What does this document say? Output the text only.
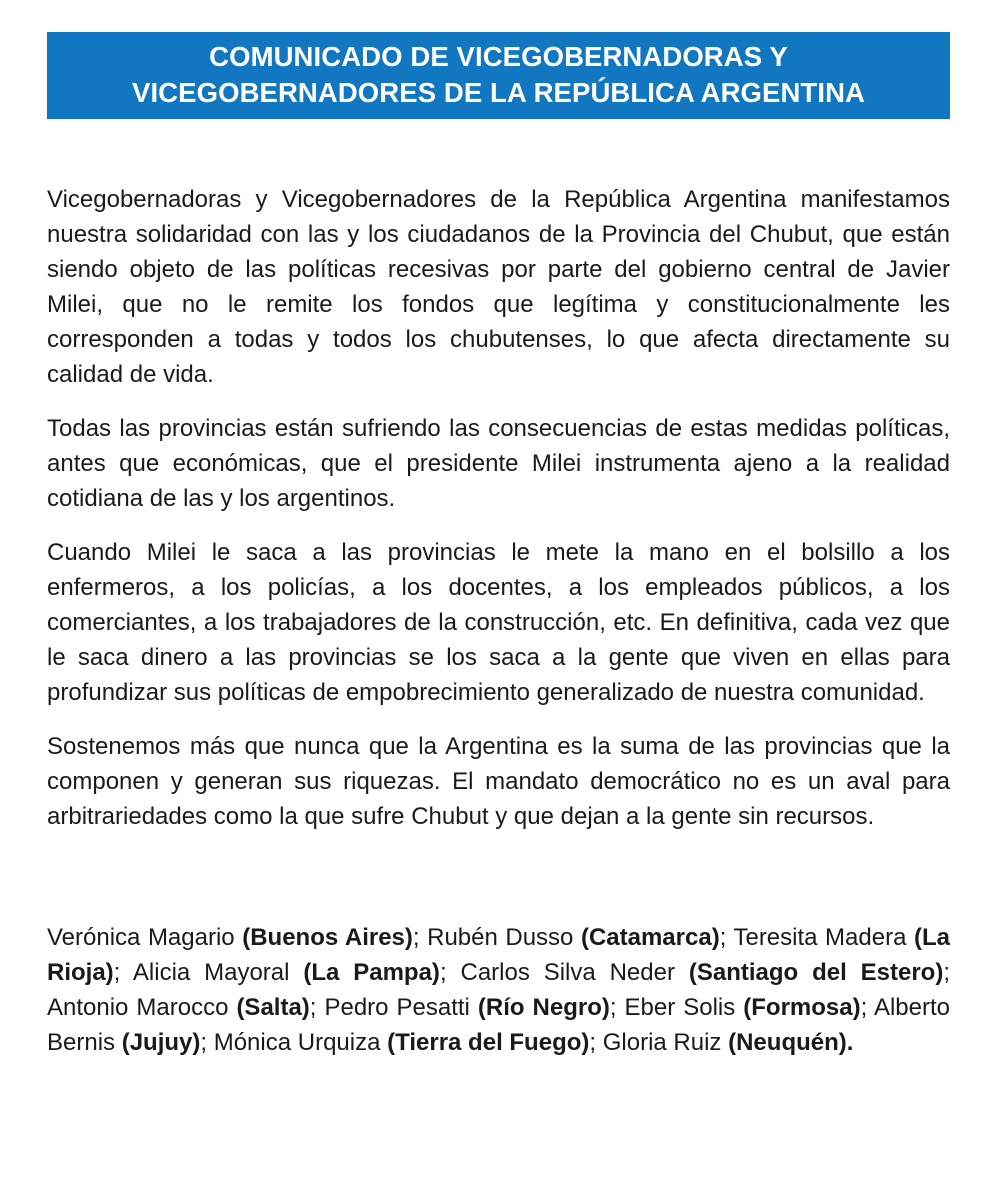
COMUNICADO DE VICEGOBERNADORAS Y
VICEGOBERNADORES DE LA REPÚBLICA ARGENTINA

Vicegobernadoras y Vicegobernadores de la República Argentina manifestamos nuestra solidaridad con las y los ciudadanos de la Provincia del Chubut, que están siendo objeto de las políticas recesivas por parte del gobierno central de Javier Milei, que no le remite los fondos que legítima y constitucionalmente les corresponden a todas y todos los chubutenses, lo que afecta directamente su calidad de vida.

Todas las provincias están sufriendo las consecuencias de estas medidas políticas, antes que económicas, que el presidente Milei instrumenta ajeno a la realidad cotidiana de las y los argentinos.

Cuando Milei le saca a las provincias le mete la mano en el bolsillo a los enfermeros, a los policías, a los docentes, a los empleados públicos, a los comerciantes, a los trabajadores de la construcción, etc. En definitiva, cada vez que le saca dinero a las provincias se los saca a la gente que viven en ellas para profundizar sus políticas de empobrecimiento generalizado de nuestra comunidad.

Sostenemos más que nunca que la Argentina es la suma de las provincias que la componen y generan sus riquezas. El mandato democrático no es un aval para arbitrariedades como la que sufre Chubut y que dejan a la gente sin recursos.

Verónica Magario (Buenos Aires); Rubén Dusso (Catamarca); Teresita Madera (La Rioja); Alicia Mayoral (La Pampa); Carlos Silva Neder (Santiago del Estero); Antonio Marocco (Salta); Pedro Pesatti (Río Negro); Eber Solis (Formosa); Alberto Bernis (Jujuy); Mónica Urquiza (Tierra del Fuego); Gloria Ruiz (Neuquén).
